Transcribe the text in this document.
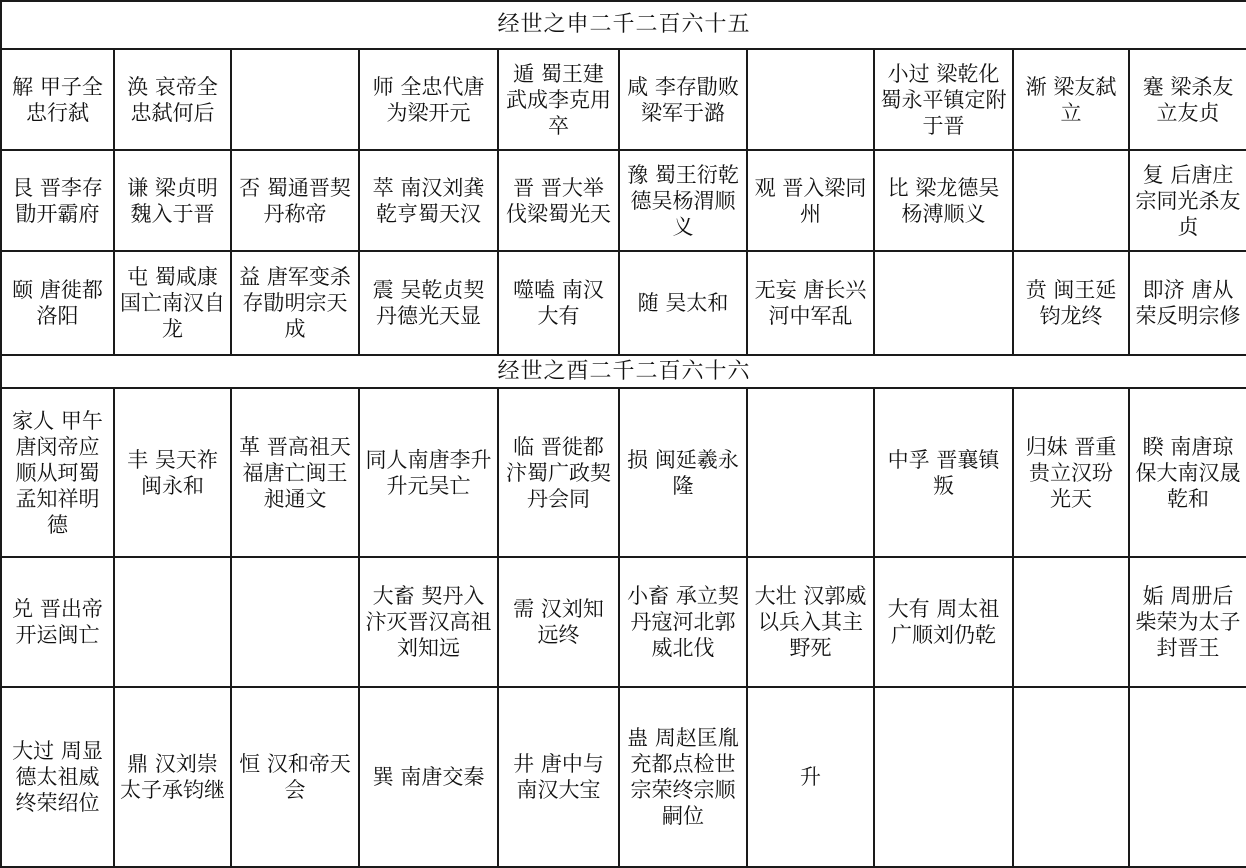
经世之申二千二百六十五									
解 甲子全忠行弑	涣 哀帝全忠弑何后		师 全忠代唐为梁开元	遁 蜀王建武成李克用卒	咸 李存勖败梁军于潞		小过 梁乾化蜀永平镇定附于晋	渐 梁友弑立	蹇 梁杀友立友贞
艮 晋李存勖开霸府	谦 梁贞明魏入于晋	否 蜀通晋契丹称帝	萃 南汉刘龚乾亨蜀天汉	晋 晋大举伐梁蜀光天	豫 蜀王衍乾德吴杨渭顺义	观 晋入梁同州	比 梁龙德吴杨溥顺义		复 后唐庄宗同光杀友贞
颐 唐徙都洛阳	屯 蜀咸康国亡南汉自龙	益 唐军变杀存勖明宗天成	震 吴乾贞契丹德光天显	噬嗑 南汉大有	随 吴太和	无妄 唐长兴河中军乱		贲 闽王延钧龙终	即济 唐从荣反明宗修
经世之酉二千二百六十六									
家人 甲午唐闵帝应顺从珂蜀孟知祥明德	丰 吴天祚闽永和	革 晋高祖天福唐亡闽王昶通文	同人南唐李升升元吴亡	临 晋徙都汴蜀广政契丹会同	损 闽延羲永隆		中孚 晋襄镇叛	归妹 晋重贵立汉玢光天	睽 南唐琼保大南汉晟乾和
兑 晋出帝开运闽亡			大畜 契丹入汴灭晋汉高祖刘知远	需 汉刘知远终	小畜 承立契丹寇河北郭威北伐	大壮 汉郭威以兵入其主野死	大有 周太祖广顺刘仍乾		姤 周册后柴荣为太子封晋王
大过 周显德太祖威终荣绍位	鼎 汉刘崇太子承钧继	恒 汉和帝天会	巽 南唐交秦	井 唐中与南汉大宝	蛊 周赵匡胤充都点检世宗荣终宗顺嗣位	升			
